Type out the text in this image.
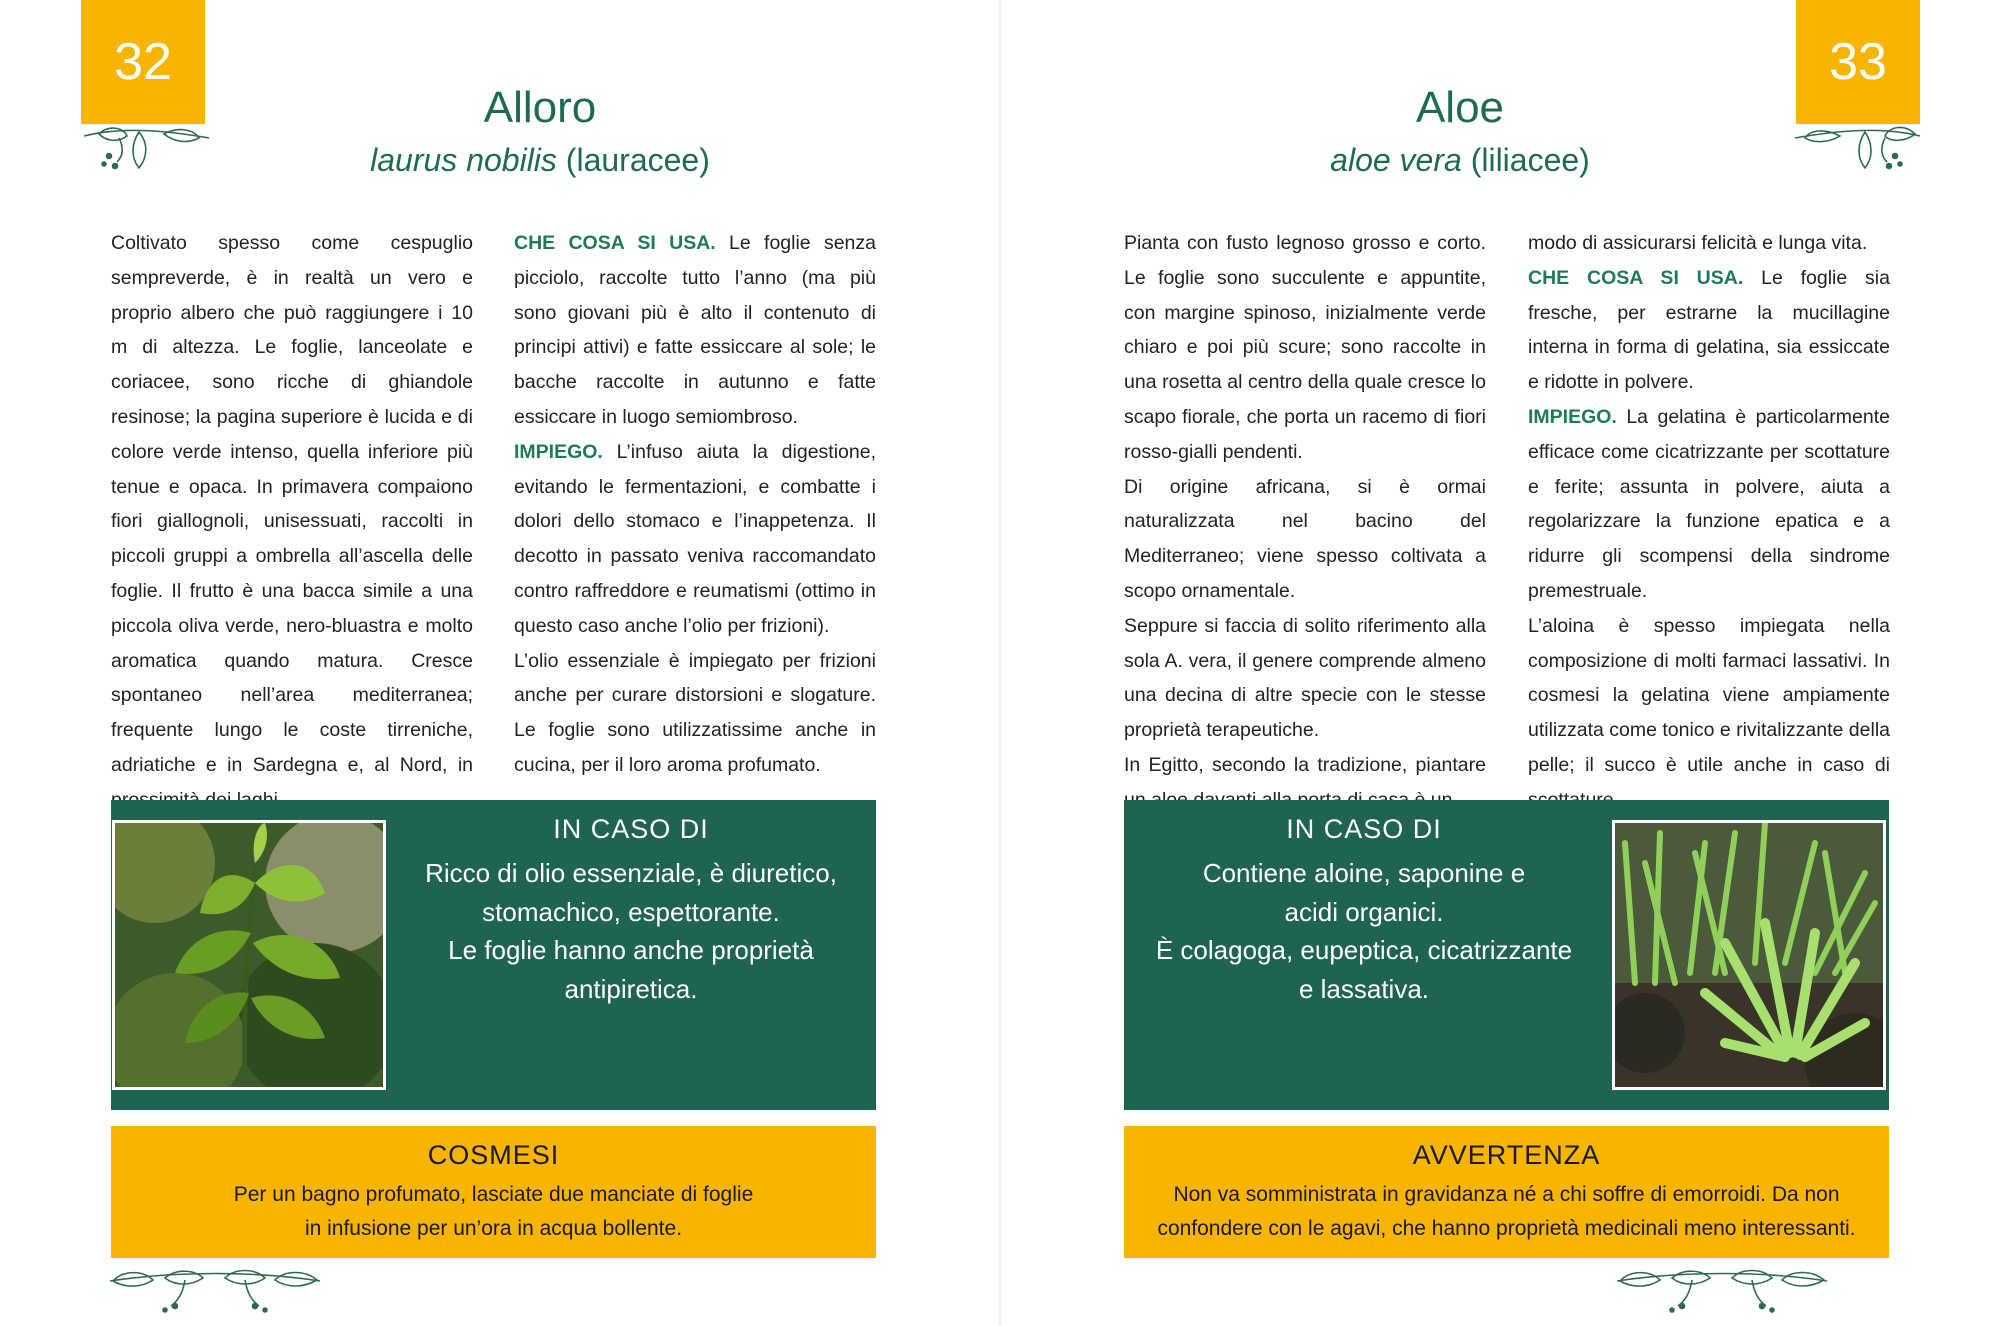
32
Alloro
laurus nobilis (lauracee)

Coltivato spesso come cespuglio sempreverde, è in realtà un vero e proprio albero che può raggiungere i 10 m di altezza. Le foglie, lanceolate e coriacee, sono ricche di ghiandole resinose; la pagina superiore è lucida e di colore verde intenso, quella inferiore più tenue e opaca. In primavera compaiono fiori giallognoli, unisessuati, raccolti in piccoli gruppi a ombrella all’ascella delle foglie. Il frutto è una bacca simile a una piccola oliva verde, nero-bluastra e molto aromatica quando matura. Cresce spontaneo nell’area mediterranea; frequente lungo le coste tirreniche, adriatiche e in Sardegna e, al Nord, in

CHE COSA SI USA. Le foglie senza picciolo, raccolte tutto l’anno (ma più sono giovani più è alto il contenuto di principi attivi) e fatte essiccare al sole; le bacche raccolte in autunno e fatte essiccare in luogo semiombroso.

IMPIEGO. L’infuso aiuta la digestione, evitando le fermentazioni, e combatte i dolori dello stomaco e l’inappetenza. Il decotto in passato veniva raccomandato contro raffreddore e reumatismi (ottimo in questo caso anche l’olio per frizioni).

L’olio essenziale è impiegato per frizioni anche per curare distorsioni e slogature. Le foglie sono utilizzatissime anche in cucina, per il loro aroma profumato.

IN CASO DI
Ricco di olio essenziale, è diuretico,
stomachico, espettorante.
Le foglie hanno anche proprietà
antipiretica.
COSMESI
Per un bagno profumato, lasciate due manciate di foglie
in infusione per un’ora in acqua bollente.
33
Aloe
aloe vera (liliacee)

Pianta con fusto legnoso grosso e corto. Le foglie sono succulente e appuntite, con margine spinoso, inizialmente verde chiaro e poi più scure; sono raccolte in una rosetta al centro della quale cresce lo scapo fiorale, che porta un racemo di fiori rosso-gialli pendenti.

Di origine africana, si è ormai naturalizzata nel bacino del Mediterraneo; viene spesso coltivata a scopo ornamentale.

Seppure si faccia di solito riferimento alla sola A. vera, il genere comprende almeno una decina di altre specie con le stesse proprietà terapeutiche.

In Egitto, secondo la tradizione, piantare

modo di assicurarsi felicità e lunga vita.

CHE COSA SI USA. Le foglie sia fresche, per estrarne la mucillagine interna in forma di gelatina, sia essiccate e ridotte in polvere.

IMPIEGO. La gelatina è particolarmente efficace come cicatrizzante per scottature e ferite; assunta in polvere, aiuta a regolarizzare la funzione epatica e a ridurre gli scompensi della sindrome premestruale.

L’aloina è spesso impiegata nella composizione di molti farmaci lassativi. In cosmesi la gelatina viene ampiamente utilizzata come tonico e rivitalizzante della pelle; il succo è utile anche in caso di

IN CASO DI
Contiene aloine, saponine e
acidi organici.
È colagoga, eupeptica, cicatrizzante
e lassativa.
AVVERTENZA
Non va somministrata in gravidanza né a chi soffre di emorroidi. Da non
confondere con le agavi, che hanno proprietà medicinali meno interessanti.
